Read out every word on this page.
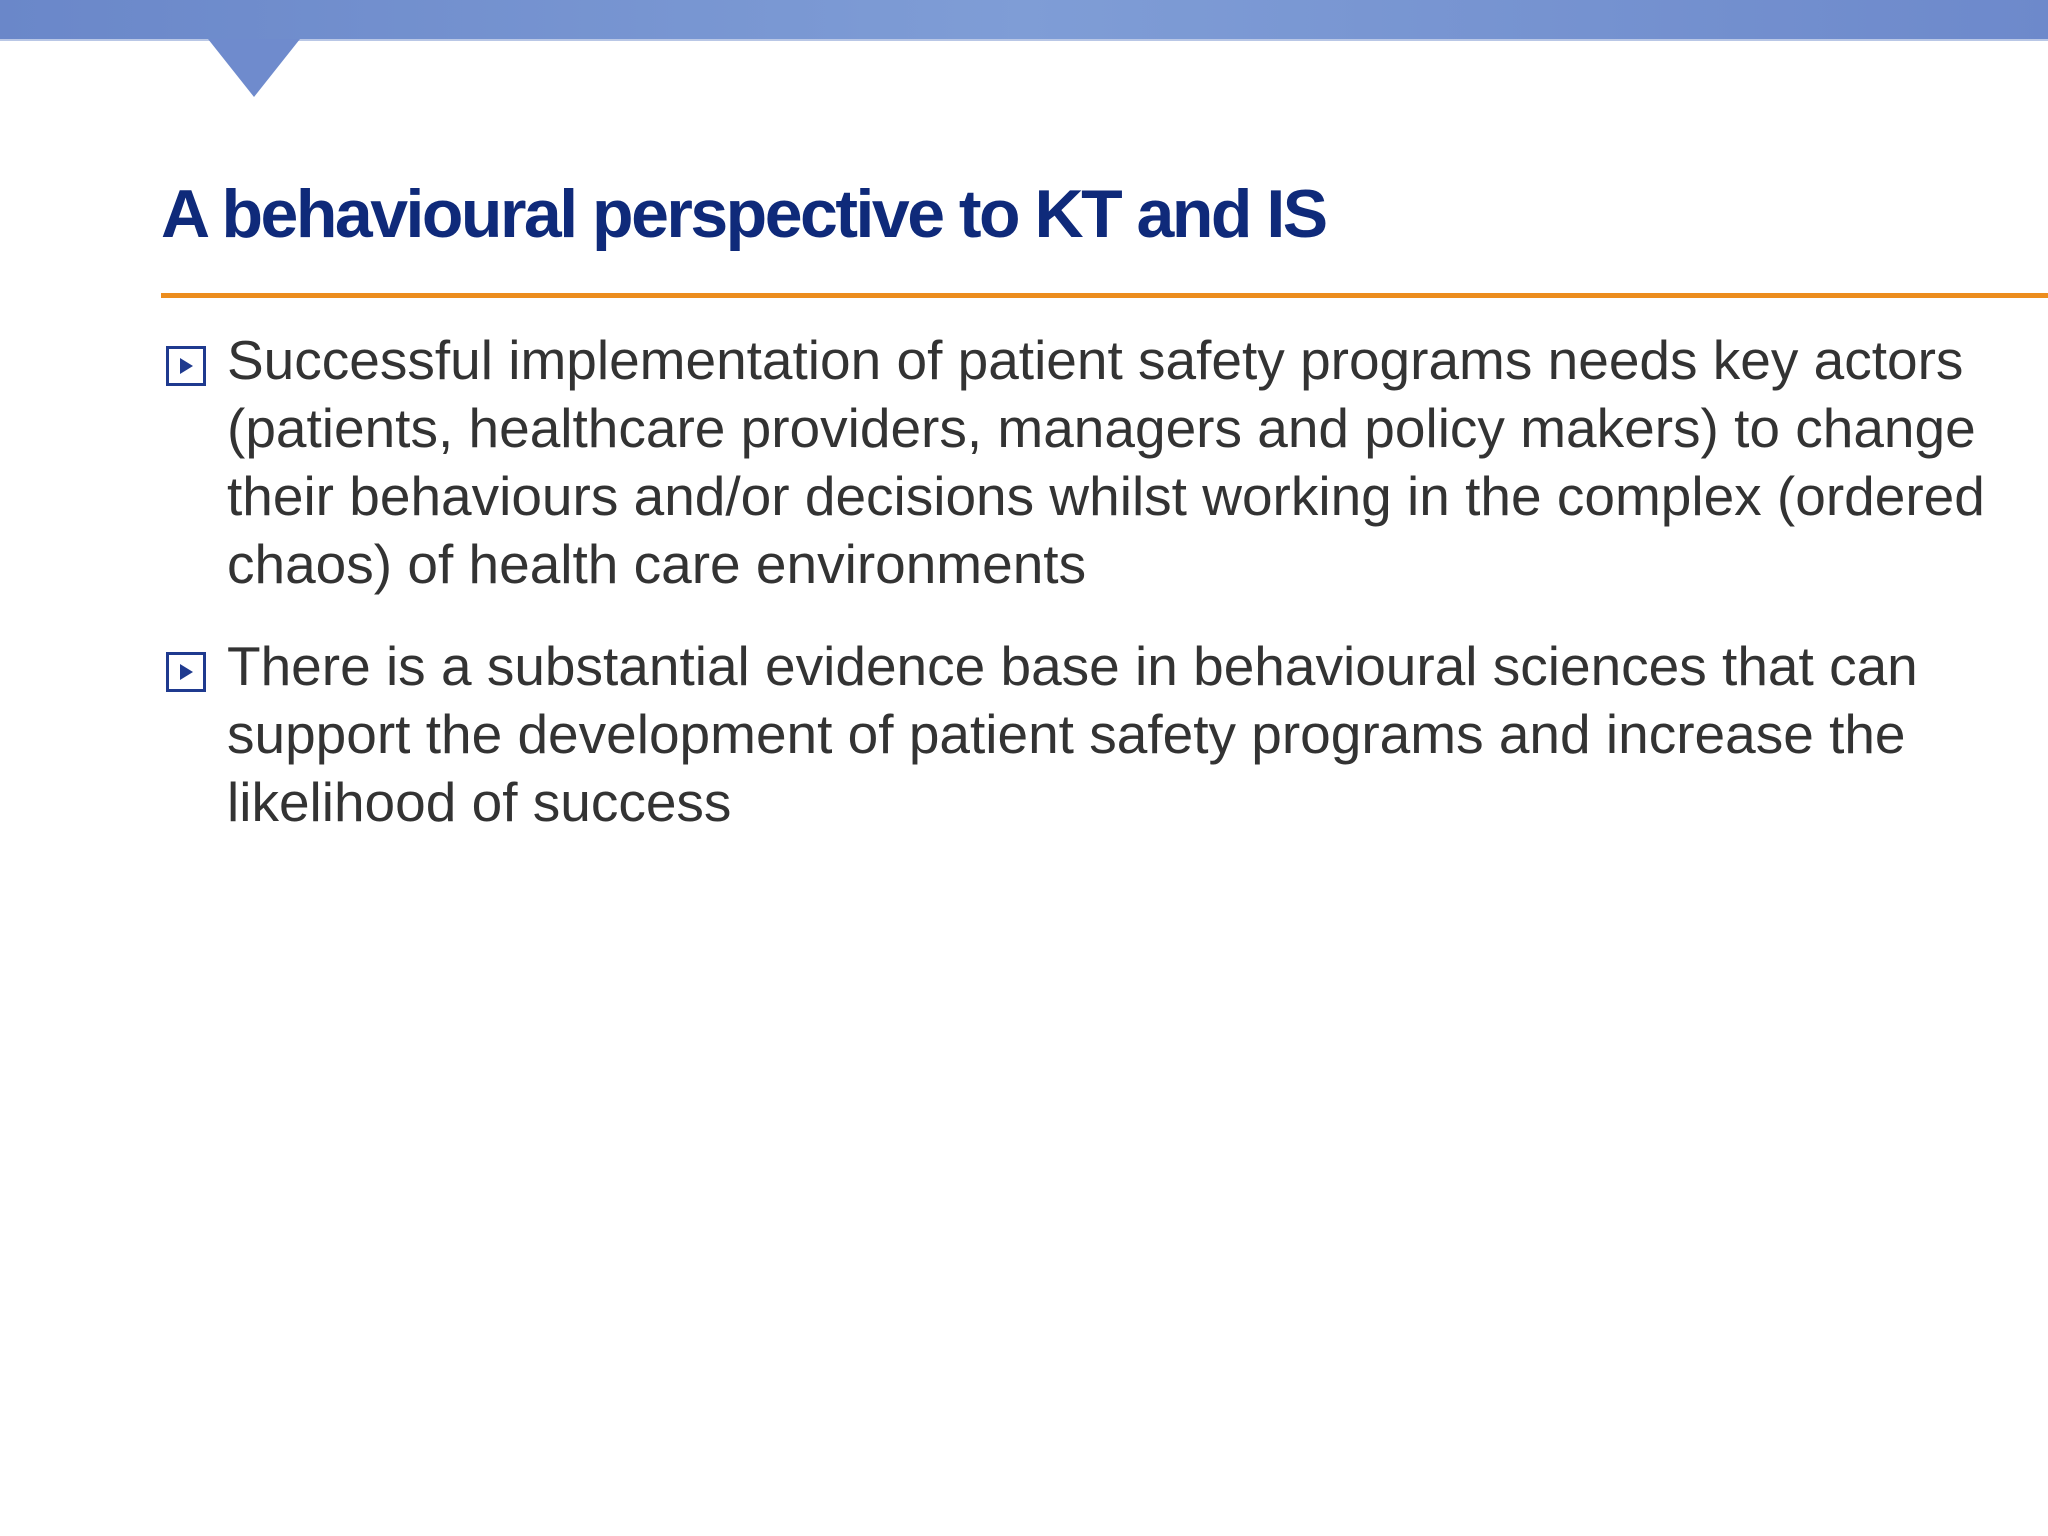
A behavioural perspective to KT and IS
Successful implementation of patient safety programs needs key actors (patients, healthcare providers, managers and policy makers) to change their behaviours and/or decisions whilst working in the complex (ordered chaos) of health care environments
There is a substantial evidence base in behavioural sciences that can support the development of patient safety programs and increase the likelihood of success
